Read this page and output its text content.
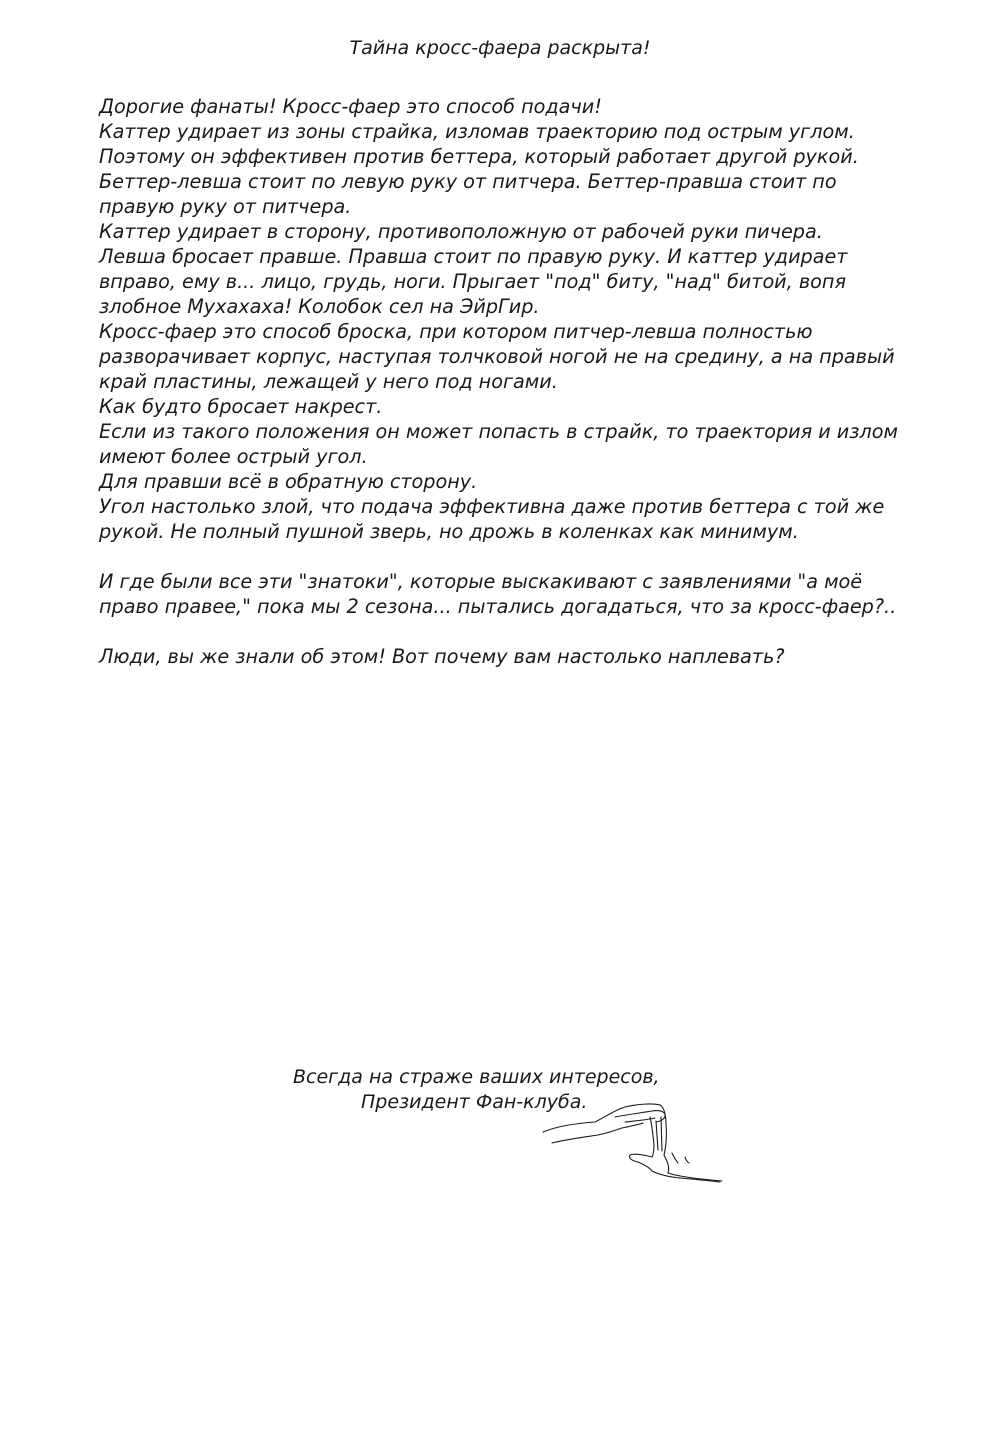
Тайна кросс-фаера раскрыта!
Дорогие фанаты! Кросс-фаер это способ подачи!
Каттер удирает из зоны страйка, изломав траекторию под острым углом.
Поэтому он эффективен против беттера, который работает другой рукой.
Беттер-левша стоит по левую руку от питчера. Беттер-правша стоит по
правую руку от питчера.
Каттер удирает в сторону, противоположную от рабочей руки пичера.
Левша бросает правше. Правша стоит по правую руку. И каттер удирает
вправо, ему в... лицо, грудь, ноги. Прыгает "под" биту, "над" битой, вопя
злобное Мухахаха! Колобок сел на ЭйрГир.
Кросс-фаер это способ броска, при котором питчер-левша полностью
разворачивает корпус, наступая толчковой ногой не на средину, а на правый
край пластины, лежащей у него под ногами.
Как будто бросает накрест.
Если из такого положения он может попасть в страйк, то траектория и излом
имеют более острый угол.
Для правши всё в обратную сторону.
Угол настолько злой, что подача эффективна даже против беттера с той же
рукой. Не полный пушной зверь, но дрожь в коленках как минимум.
И где были все эти "знатоки", которые выскакивают с заявлениями "а моё
право правее," пока мы 2 сезона... пытались догадаться, что за кросс-фаер?..
Люди, вы же знали об этом! Вот почему вам настолько наплевать?
Всегда на страже ваших интересов,
Президент Фан-клуба.
